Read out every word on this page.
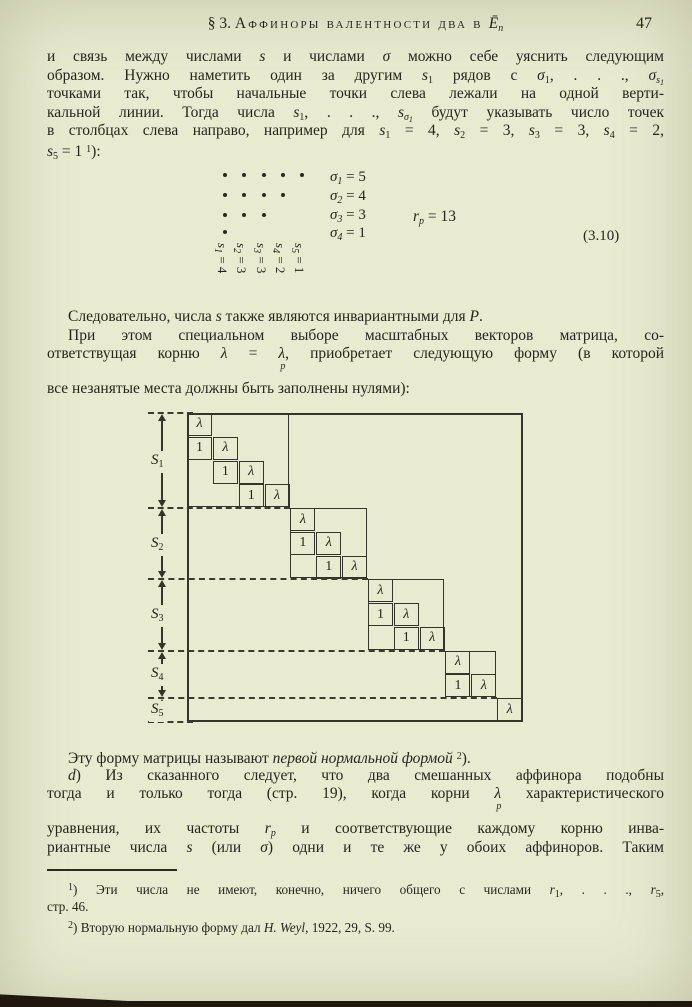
§ 3. Аффиноры валентности два в Ēn	47
и связь между числами s и числами σ можно себе уяснить следующим
образом. Нужно наметить один за другим s1 рядов с σ1, . . ., $\sigma s_1$
точками так, чтобы начальные точки слева лежали на одной верти-
кальной линии. Тогда числа s1, . . ., $s\sigma_1$ будут указывать число точек
в столбцах слева направо, например для s1 = 4, s2 = 3, s3 = 3, s4 = 2,
s5 = 1 $^1$):
$\sigma_1 = 5$
$\sigma_2 = 4$
$\sigma_3 = 3$
$\sigma_4 = 1$
rp = 13
(3.10)
$s_1 = 4$
$s_2 = 3$
$s_3 = 3$
$s_4 = 2$
$s_5 = 1$
Следовательно, числа s также являются инвариантными для P.
При этом специальном выборе масштабных векторов матрица, со-
ответствущая корню λ = λ
p
, приобретает следующую форму (в которой
все незанятые места должны быть заполнены нулями):
λ
λ
1
λ
1
λ
1
λ
λ
1
λ
1
λ
λ
1
λ
1
λ
λ
1
λ
$S_1$
$S_2$
$S_3$
$S_4$
$S_5$
Эту форму матрицы называют первой нормальной формой $^2$).
d) Из сказанного следует, что два смешанных аффинора подобны
тогда и только тогда (стр. 19), когда корни λ
p
характеристического
уравнения, их частоты rp и соответствующие каждому корню инва-
риантные числа s (или σ) одни и те же у обоих аффиноров. Таким
$^1$) Эти числа не имеют, конечно, ничего общего с числами $r_1$, . . ., $r_5$,
стр. 46.
$^2$) Вторую нормальную форму дал H. Weyl, 1922, 29, S. 99.
